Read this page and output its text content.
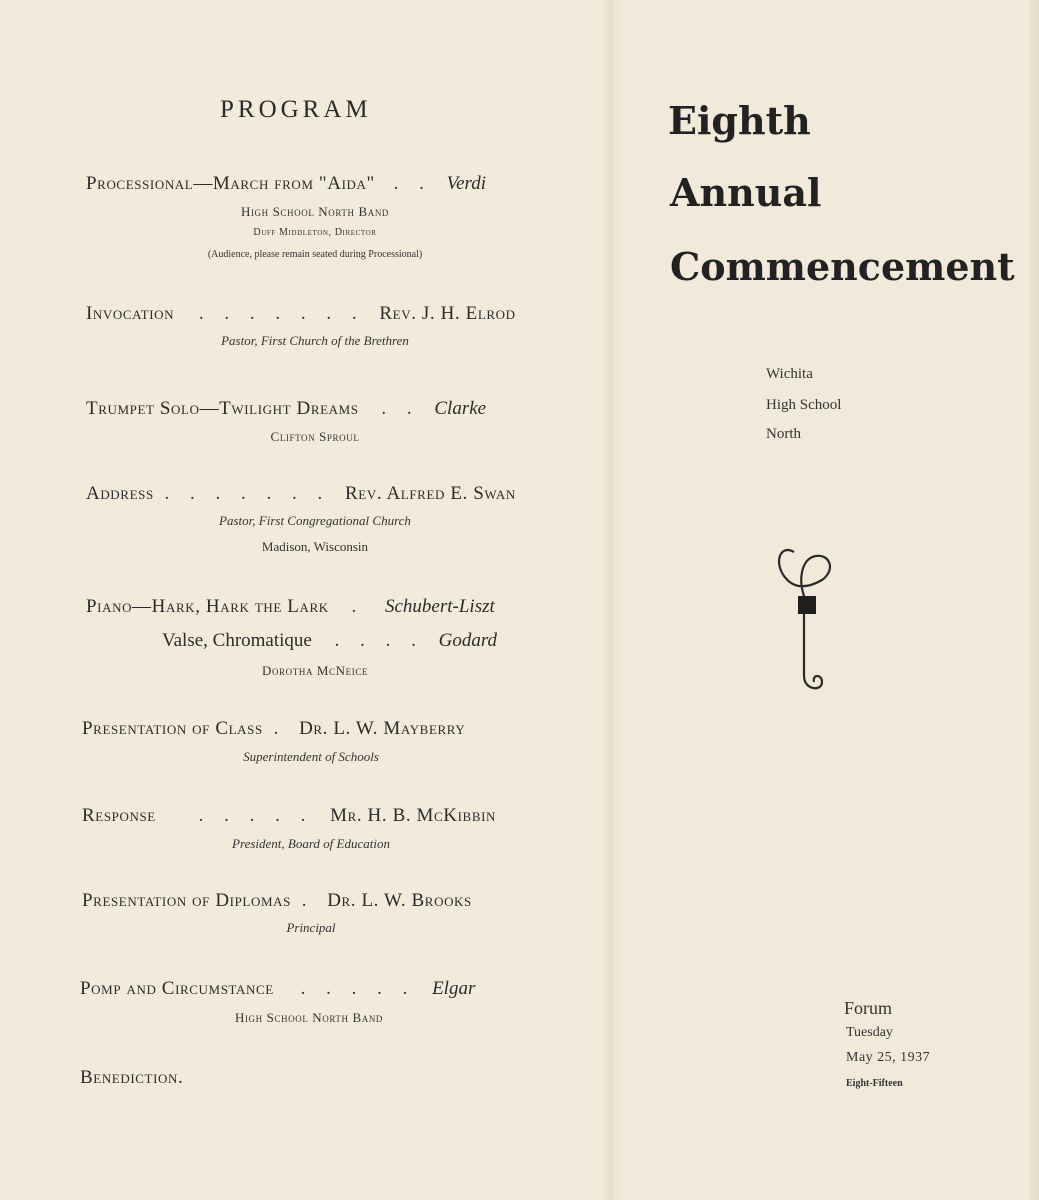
PROGRAM
Processional—March from "Aida" . . Verdi
High School North Band
Duff Middleton, Director
(Audience, please remain seated during Processional)
Invocation . . . . . . . Rev. J. H. Elrod
Pastor, First Church of the Brethren
Trumpet Solo—Twilight Dreams . . Clarke
Clifton Sproul
Address . . . . . . . Rev. Alfred E. Swan
Pastor, First Congregational Church
Madison, Wisconsin
Piano—Hark, Hark the Lark . Schubert-Liszt
Valse, Chromatique . . . . Godard
Dorotha McNeice
Presentation of Class . Dr. L. W. Mayberry
Superintendent of Schools
Response . . . . . Mr. H. B. McKibbin
President, Board of Education
Presentation of Diplomas . Dr. L. W. Brooks
Principal
Pomp and Circumstance . . . . . Elgar
High School North Band
Benediction.
Eighth
Annual
Commencement
Wichita
High School
North
Forum
Tuesday
May 25, 1937
Eight-Fifteen
